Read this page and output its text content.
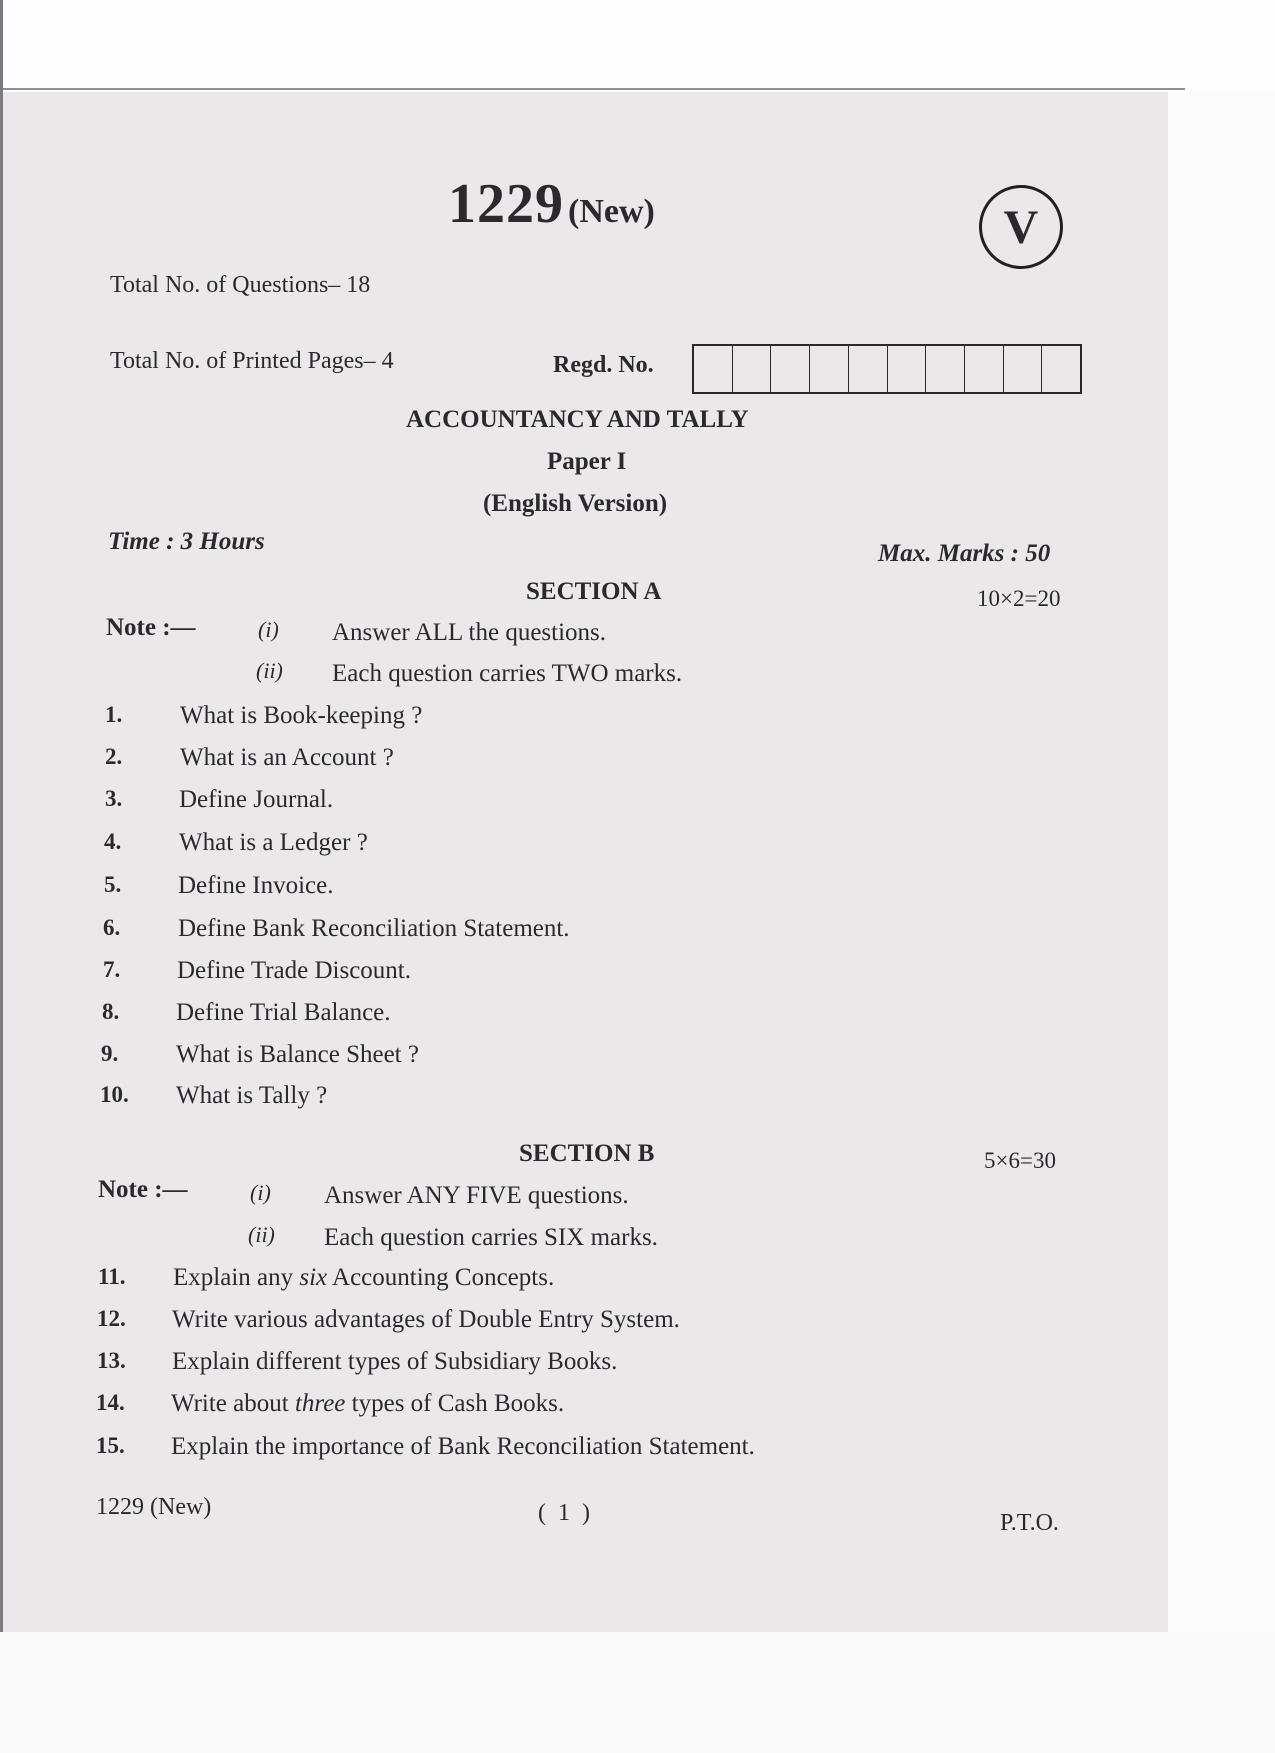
1229 (New)	V
Total No. of Questions– 18
Total No. of Printed Pages– 4	Regd. No.
ACCOUNTANCY AND TALLY
Paper I
(English Version)
Time : 3 Hours	Max. Marks : 50
SECTION A	10×2=20
Note :—	(i) Answer ALL the questions.
(ii) Each question carries TWO marks.
1. What is Book-keeping ?
2. What is an Account ?
3. Define Journal.
4. What is a Ledger ?
5. Define Invoice.
6. Define Bank Reconciliation Statement.
7. Define Trade Discount.
8. Define Trial Balance.
9. What is Balance Sheet ?
10. What is Tally ?
SECTION B	5×6=30
Note :—	(i) Answer ANY FIVE questions.
(ii) Each question carries SIX marks.
11. Explain any six Accounting Concepts.
12. Write various advantages of Double Entry System.
13. Explain different types of Subsidiary Books.
14. Write about three types of Cash Books.
15. Explain the importance of Bank Reconciliation Statement.
1229 (New)	( 1 )	P.T.O.
